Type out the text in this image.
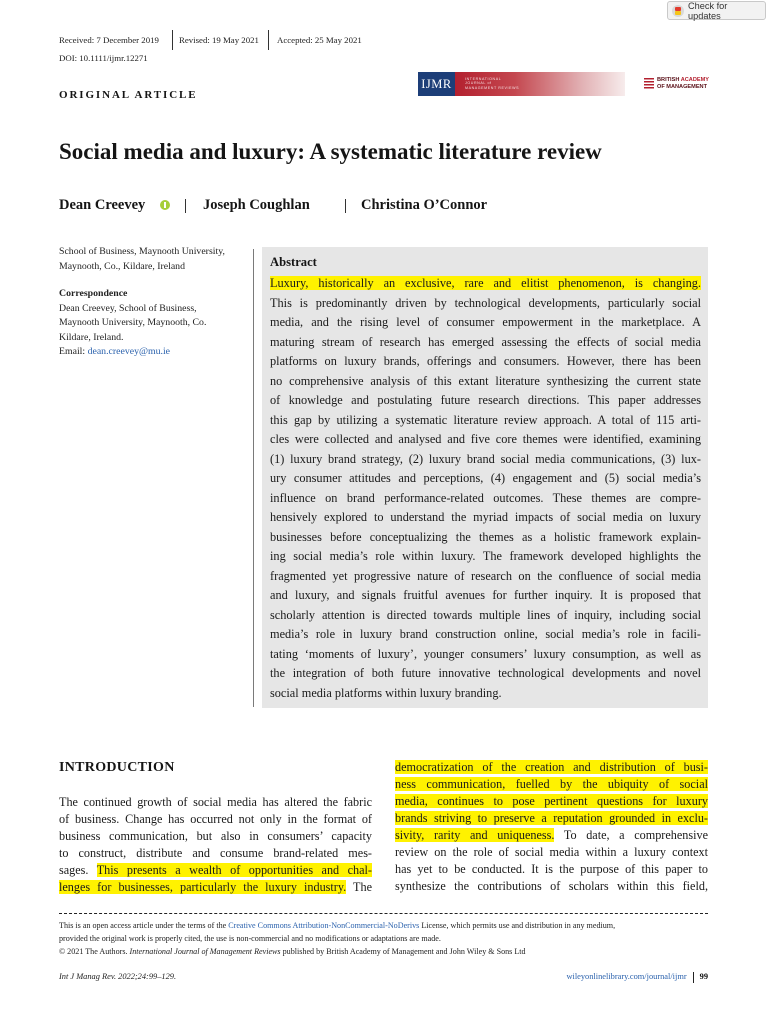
Check for updates
Received: 7 December 2019 Revised: 19 May 2021 Accepted: 25 May 2021
DOI: 10.1111/ijmr.12271
ORIGINAL ARTICLE
IJMR	INTERNATIONAL
JOURNAL of
MANAGEMENT REVIEWS
BRITISH ACADEMY
OF MANAGEMENT
Social media and luxury: A systematic literature review
Dean Creevey	Joseph Coughlan	Christina O’Connor
School of Business, Maynooth University,
Maynooth, Co., Kildare, Ireland
Correspondence
Dean Creevey, School of Business,
Maynooth University, Maynooth, Co.
Kildare, Ireland.
Email: dean.creevey@mu.ie
Abstract
Luxury, historically an exclusive, rare and elitist phenomenon, is changing.
This is predominantly driven by technological developments, particularly social
media, and the rising level of consumer empowerment in the marketplace. A
maturing stream of research has emerged assessing the effects of social media
platforms on luxury brands, offerings and consumers. However, there has been
no comprehensive analysis of this extant literature synthesizing the current state
of knowledge and postulating future research directions. This paper addresses
this gap by utilizing a systematic literature review approach. A total of 115 arti-
cles were collected and analysed and five core themes were identified, examining
(1) luxury brand strategy, (2) luxury brand social media communications, (3) lux-
ury consumer attitudes and perceptions, (4) engagement and (5) social media’s
influence on brand performance-related outcomes. These themes are compre-
hensively explored to understand the myriad impacts of social media on luxury
businesses before conceptualizing the themes as a holistic framework explain-
ing social media’s role within luxury. The framework developed highlights the
fragmented yet progressive nature of research on the confluence of social media
and luxury, and signals fruitful avenues for further inquiry. It is proposed that
scholarly attention is directed towards multiple lines of inquiry, including social
media’s role in luxury brand construction online, social media’s role in facili-
tating ‘moments of luxury’, younger consumers’ luxury consumption, as well as
the integration of both future innovative technological developments and novel
social media platforms within luxury branding.
INTRODUCTION
The continued growth of social media has altered the fabric
of business. Change has occurred not only in the format of
business communication, but also in consumers’ capacity
to construct, distribute and consume brand-related mes-
sages. This presents a wealth of opportunities and chal-
lenges for businesses, particularly the luxury industry. The
democratization of the creation and distribution of busi-
ness communication, fuelled by the ubiquity of social
media, continues to pose pertinent questions for luxury
brands striving to preserve a reputation grounded in exclu-
sivity, rarity and uniqueness. To date, a comprehensive
review on the role of social media within a luxury context
has yet to be conducted. It is the purpose of this paper to
synthesize the contributions of scholars within this field,
This is an open access article under the terms of the Creative Commons Attribution-NonCommercial-NoDerivs License, which permits use and distribution in any medium,
provided the original work is properly cited, the use is non-commercial and no modifications or adaptations are made.
© 2021 The Authors. International Journal of Management Reviews published by British Academy of Management and John Wiley & Sons Ltd
Int J Manag Rev. 2022;24:99–129.	wileyonlinelibrary.com/journal/ijmr 99
